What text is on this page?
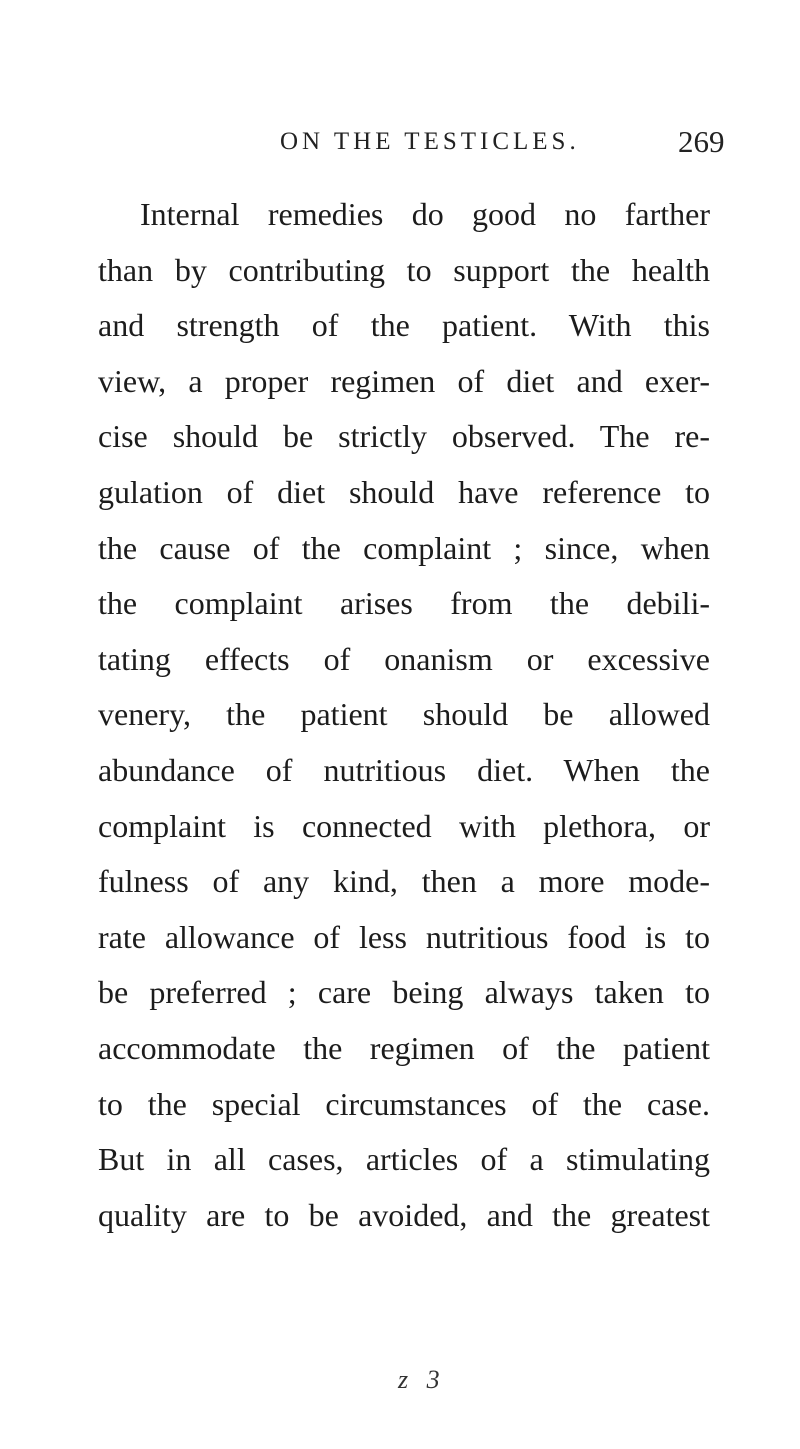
ON THE TESTICLES.	269
Internal remedies do good no farther
than by contributing to support the health
and strength of the patient. With this
view, a proper regimen of diet and exer-
cise should be strictly observed. The re-
gulation of diet should have reference to
the cause of the complaint ; since, when
the complaint arises from the debili-
tating effects of onanism or excessive
venery, the patient should be allowed
abundance of nutritious diet. When the
complaint is connected with plethora, or
fulness of any kind, then a more mode-
rate allowance of less nutritious food is to
be preferred ; care being always taken to
accommodate the regimen of the patient
to the special circumstances of the case.
But in all cases, articles of a stimulating
quality are to be avoided, and the greatest
z 3
